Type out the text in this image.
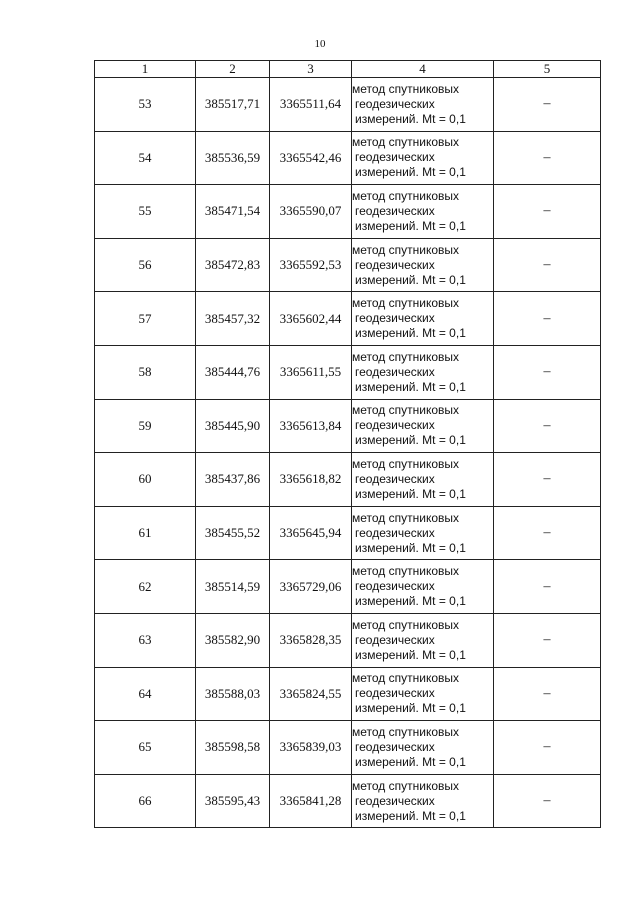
10
1	2	3	4	5
53	385517,71	3365511,64	метод спутниковых
геодезических
измерений. Mt = 0,1	–
54	385536,59	3365542,46	метод спутниковых
геодезических
измерений. Mt = 0,1	–
55	385471,54	3365590,07	метод спутниковых
геодезических
измерений. Mt = 0,1	–
56	385472,83	3365592,53	метод спутниковых
геодезических
измерений. Mt = 0,1	–
57	385457,32	3365602,44	метод спутниковых
геодезических
измерений. Mt = 0,1	–
58	385444,76	3365611,55	метод спутниковых
геодезических
измерений. Mt = 0,1	–
59	385445,90	3365613,84	метод спутниковых
геодезических
измерений. Mt = 0,1	–
60	385437,86	3365618,82	метод спутниковых
геодезических
измерений. Mt = 0,1	–
61	385455,52	3365645,94	метод спутниковых
геодезических
измерений. Mt = 0,1	–
62	385514,59	3365729,06	метод спутниковых
геодезических
измерений. Mt = 0,1	–
63	385582,90	3365828,35	метод спутниковых
геодезических
измерений. Mt = 0,1	–
64	385588,03	3365824,55	метод спутниковых
геодезических
измерений. Mt = 0,1	–
65	385598,58	3365839,03	метод спутниковых
геодезических
измерений. Mt = 0,1	–
66	385595,43	3365841,28	метод спутниковых
геодезических
измерений. Mt = 0,1	–
